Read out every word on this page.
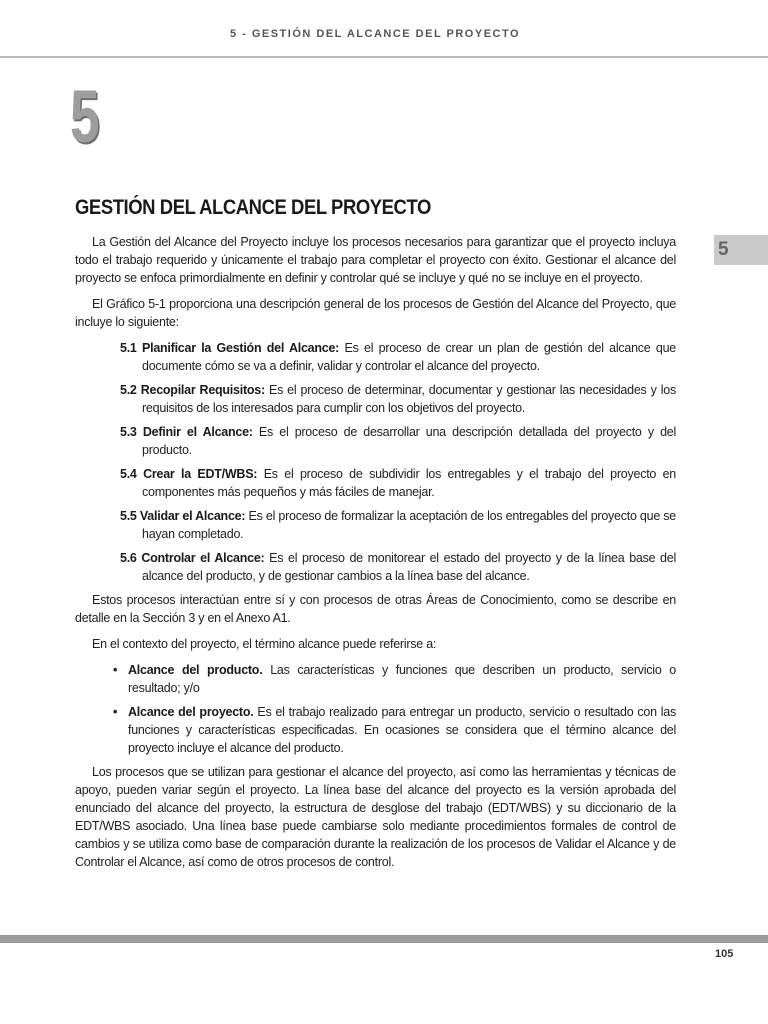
5 - GESTIÓN DEL ALCANCE DEL PROYECTO
5
5
GESTIÓN DEL ALCANCE DEL PROYECTO

La Gestión del Alcance del Proyecto incluye los procesos necesarios para garantizar que el proyecto incluya todo el trabajo requerido y únicamente el trabajo para completar el proyecto con éxito. Gestionar el alcance del proyecto se enfoca primordialmente en definir y controlar qué se incluye y qué no se incluye en el proyecto.

El Gráfico 5-1 proporciona una descripción general de los procesos de Gestión del Alcance del Proyecto, que incluye lo siguiente:

5.1 Planificar la Gestión del Alcance: Es el proceso de crear un plan de gestión del alcance que documente cómo se va a definir, validar y controlar el alcance del proyecto.
5.2 Recopilar Requisitos: Es el proceso de determinar, documentar y gestionar las necesidades y los requisitos de los interesados para cumplir con los objetivos del proyecto.
5.3 Definir el Alcance: Es el proceso de desarrollar una descripción detallada del proyecto y del producto.
5.4 Crear la EDT/WBS: Es el proceso de subdividir los entregables y el trabajo del proyecto en componentes más pequeños y más fáciles de manejar.
5.5 Validar el Alcance: Es el proceso de formalizar la aceptación de los entregables del proyecto que se hayan completado.
5.6 Controlar el Alcance: Es el proceso de monitorear el estado del proyecto y de la línea base del alcance del producto, y de gestionar cambios a la línea base del alcance.

Estos procesos interactúan entre sí y con procesos de otras Áreas de Conocimiento, como se describe en detalle en la Sección 3 y en el Anexo A1.

En el contexto del proyecto, el término alcance puede referirse a:

• Alcance del producto. Las características y funciones que describen un producto, servicio o resultado; y/o
• Alcance del proyecto. Es el trabajo realizado para entregar un producto, servicio o resultado con las funciones y características especificadas. En ocasiones se considera que el término alcance del proyecto incluye el alcance del producto.

Los procesos que se utilizan para gestionar el alcance del proyecto, así como las herramientas y técnicas de apoyo, pueden variar según el proyecto. La línea base del alcance del proyecto es la versión aprobada del enunciado del alcance del proyecto, la estructura de desglose del trabajo (EDT/WBS) y su diccionario de la EDT/WBS asociado. Una línea base puede cambiarse solo mediante procedimientos formales de control de cambios y se utiliza como base de comparación durante la realización de los procesos de Validar el Alcance y de Controlar el Alcance, así como de otros procesos de control.

105
